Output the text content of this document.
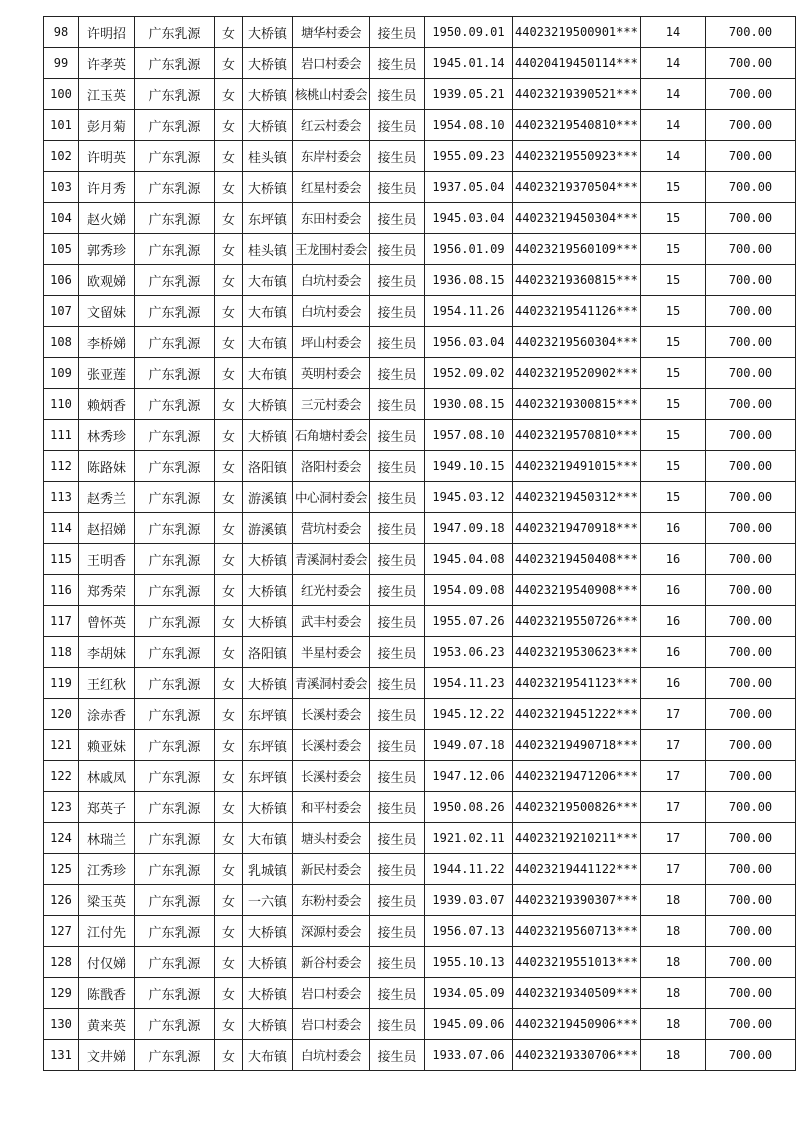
98	许明招	广东乳源	女	大桥镇	塘华村委会	接生员	1950.09.01	44023219500901***	14	700.00
99	许孝英	广东乳源	女	大桥镇	岩口村委会	接生员	1945.01.14	44020419450114***	14	700.00
100	江玉英	广东乳源	女	大桥镇	核桃山村委会	接生员	1939.05.21	44023219390521***	14	700.00
101	彭月菊	广东乳源	女	大桥镇	红云村委会	接生员	1954.08.10	44023219540810***	14	700.00
102	许明英	广东乳源	女	桂头镇	东岸村委会	接生员	1955.09.23	44023219550923***	14	700.00
103	许月秀	广东乳源	女	大桥镇	红星村委会	接生员	1937.05.04	44023219370504***	15	700.00
104	赵火娣	广东乳源	女	东坪镇	东田村委会	接生员	1945.03.04	44023219450304***	15	700.00
105	郭秀珍	广东乳源	女	桂头镇	王龙围村委会	接生员	1956.01.09	44023219560109***	15	700.00
106	欧观娣	广东乳源	女	大布镇	白坑村委会	接生员	1936.08.15	44023219360815***	15	700.00
107	文留妹	广东乳源	女	大布镇	白坑村委会	接生员	1954.11.26	44023219541126***	15	700.00
108	李桥娣	广东乳源	女	大布镇	坪山村委会	接生员	1956.03.04	44023219560304***	15	700.00
109	张亚莲	广东乳源	女	大布镇	英明村委会	接生员	1952.09.02	44023219520902***	15	700.00
110	赖炳香	广东乳源	女	大桥镇	三元村委会	接生员	1930.08.15	44023219300815***	15	700.00
111	林秀珍	广东乳源	女	大桥镇	石角塘村委会	接生员	1957.08.10	44023219570810***	15	700.00
112	陈路妹	广东乳源	女	洛阳镇	洛阳村委会	接生员	1949.10.15	44023219491015***	15	700.00
113	赵秀兰	广东乳源	女	游溪镇	中心洞村委会	接生员	1945.03.12	44023219450312***	15	700.00
114	赵招娣	广东乳源	女	游溪镇	营坑村委会	接生员	1947.09.18	44023219470918***	16	700.00
115	王明香	广东乳源	女	大桥镇	青溪洞村委会	接生员	1945.04.08	44023219450408***	16	700.00
116	郑秀荣	广东乳源	女	大桥镇	红光村委会	接生员	1954.09.08	44023219540908***	16	700.00
117	曾怀英	广东乳源	女	大桥镇	武丰村委会	接生员	1955.07.26	44023219550726***	16	700.00
118	李胡妹	广东乳源	女	洛阳镇	半星村委会	接生员	1953.06.23	44023219530623***	16	700.00
119	王红秋	广东乳源	女	大桥镇	青溪洞村委会	接生员	1954.11.23	44023219541123***	16	700.00
120	涂赤香	广东乳源	女	东坪镇	长溪村委会	接生员	1945.12.22	44023219451222***	17	700.00
121	赖亚妹	广东乳源	女	东坪镇	长溪村委会	接生员	1949.07.18	44023219490718***	17	700.00
122	林戚凤	广东乳源	女	东坪镇	长溪村委会	接生员	1947.12.06	44023219471206***	17	700.00
123	郑英子	广东乳源	女	大桥镇	和平村委会	接生员	1950.08.26	44023219500826***	17	700.00
124	林瑞兰	广东乳源	女	大布镇	塘头村委会	接生员	1921.02.11	44023219210211***	17	700.00
125	江秀珍	广东乳源	女	乳城镇	新民村委会	接生员	1944.11.22	44023219441122***	17	700.00
126	梁玉英	广东乳源	女	一六镇	东粉村委会	接生员	1939.03.07	44023219390307***	18	700.00
127	江付先	广东乳源	女	大桥镇	深源村委会	接生员	1956.07.13	44023219560713***	18	700.00
128	付仅娣	广东乳源	女	大桥镇	新谷村委会	接生员	1955.10.13	44023219551013***	18	700.00
129	陈戬香	广东乳源	女	大桥镇	岩口村委会	接生员	1934.05.09	44023219340509***	18	700.00
130	黄来英	广东乳源	女	大桥镇	岩口村委会	接生员	1945.09.06	44023219450906***	18	700.00
131	文井娣	广东乳源	女	大布镇	白坑村委会	接生员	1933.07.06	44023219330706***	18	700.00
